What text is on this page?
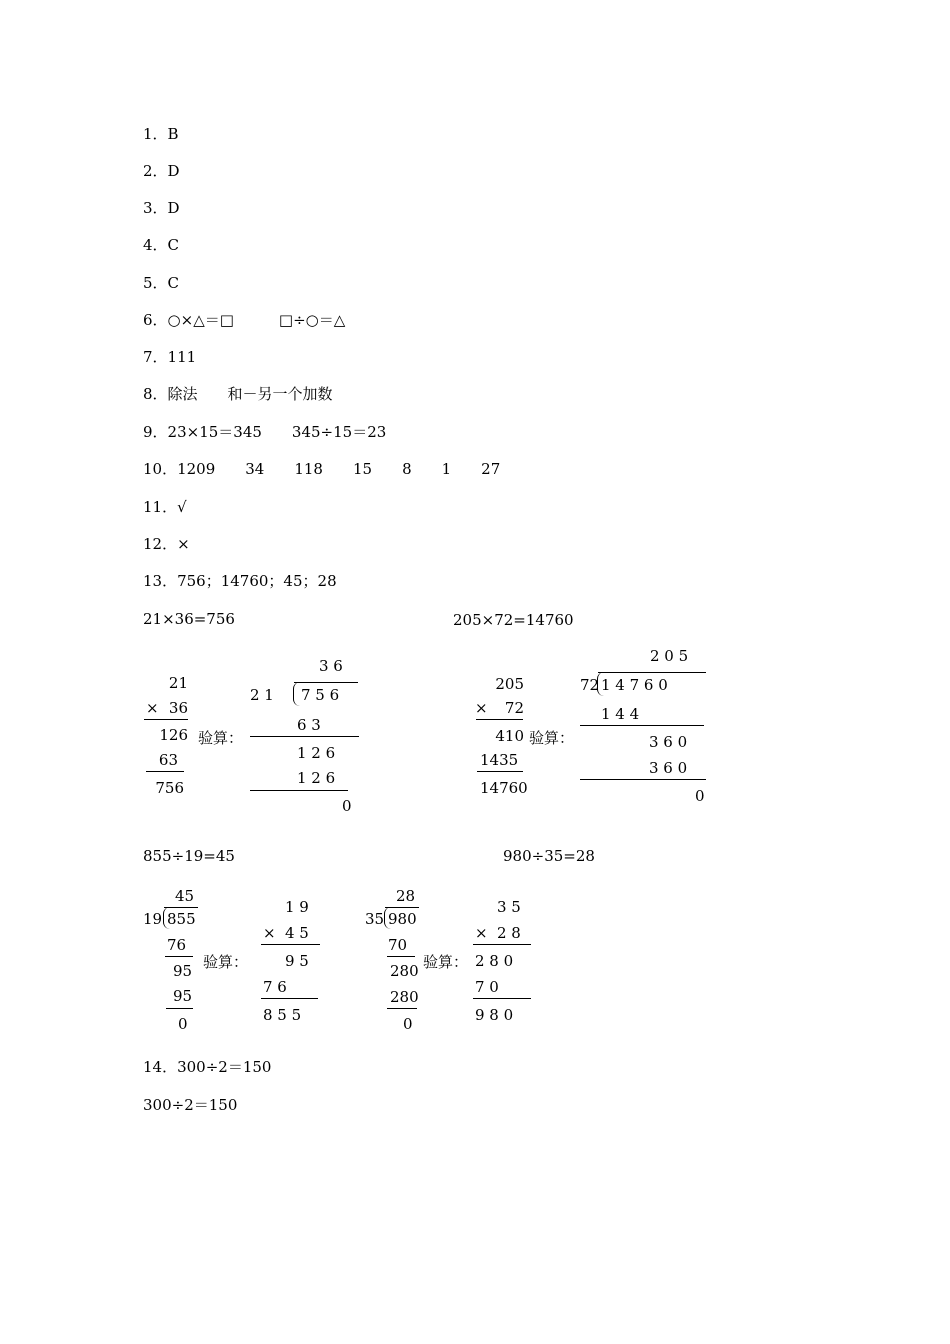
1．B
2．D
3．D
4．C
5．C
6．○×△＝□　　　□÷○＝△
7．111
8．除法　　和－另一个加数
9．23×15＝345　　345÷15＝23
10．1209　　34　　118　　15　　8　　1　　27
11．√
12．×
13．756；14760；45；28
21×36=756
21
× 36
126
63
756
验算：
3 6
2 1 7 5 6
6 3
1 2 6
1 2 6
0
205×72=14760
205
×	72
410
1435
14760
验算：
2 0 5
72 1 4 7 6 0
1 4 4
3 6 0
3 6 0
0
855÷19=45
45
19 855
76
95
95
0
验算：
1 9
× 4 5
9 5
7 6
8 5 5
980÷35=28
28
35 980
70
280
280
0
验算：
3 5
× 2 8
2 8 0
7 0
9 8 0
14．300÷2＝150
300÷2＝150
